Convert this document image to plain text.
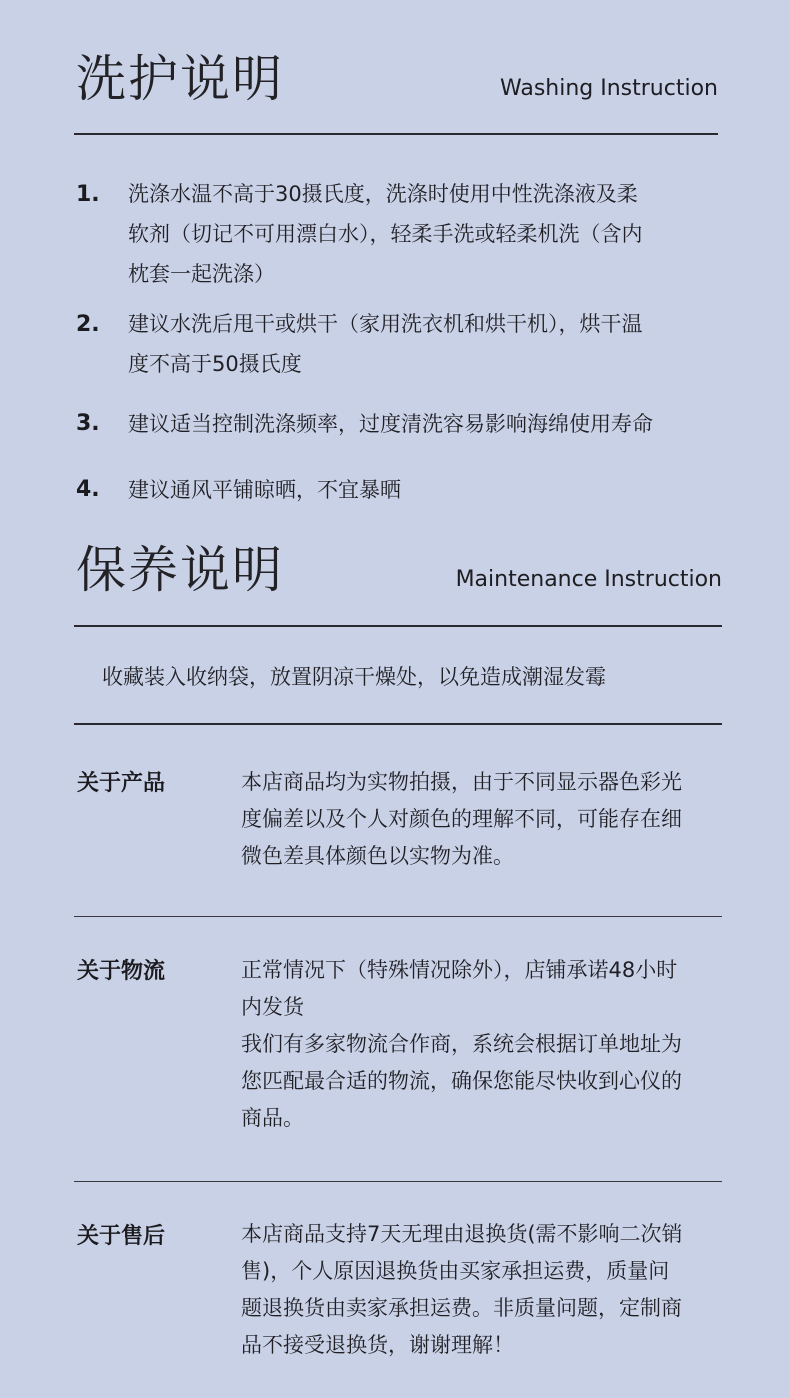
洗护说明	Washing Instruction
1. 洗涤水温不高于30摄氏度，洗涤时使用中性洗涤液及柔
软剂（切记不可用漂白水），轻柔手洗或轻柔机洗（含内
枕套一起洗涤）
2. 建议水洗后甩干或烘干（家用洗衣机和烘干机），烘干温
度不高于50摄氏度
3. 建议适当控制洗涤频率，过度清洗容易影响海绵使用寿命
4. 建议通风平铺晾晒，不宜暴晒
保养说明	Maintenance Instruction
收藏装入收纳袋，放置阴凉干燥处，以免造成潮湿发霉
关于产品	本店商品均为实物拍摄，由于不同显示器色彩光
度偏差以及个人对颜色的理解不同，可能存在细
微色差具体颜色以实物为准。
关于物流	正常情况下（特殊情况除外），店铺承诺48小时
内发货
我们有多家物流合作商，系统会根据订单地址为
您匹配最合适的物流，确保您能尽快收到心仪的
商品。
关于售后	本店商品支持7天无理由退换货(需不影响二次销
售)，个人原因退换货由买家承担运费，质量问
题退换货由卖家承担运费。非质量问题，定制商
品不接受退换货，谢谢理解！
